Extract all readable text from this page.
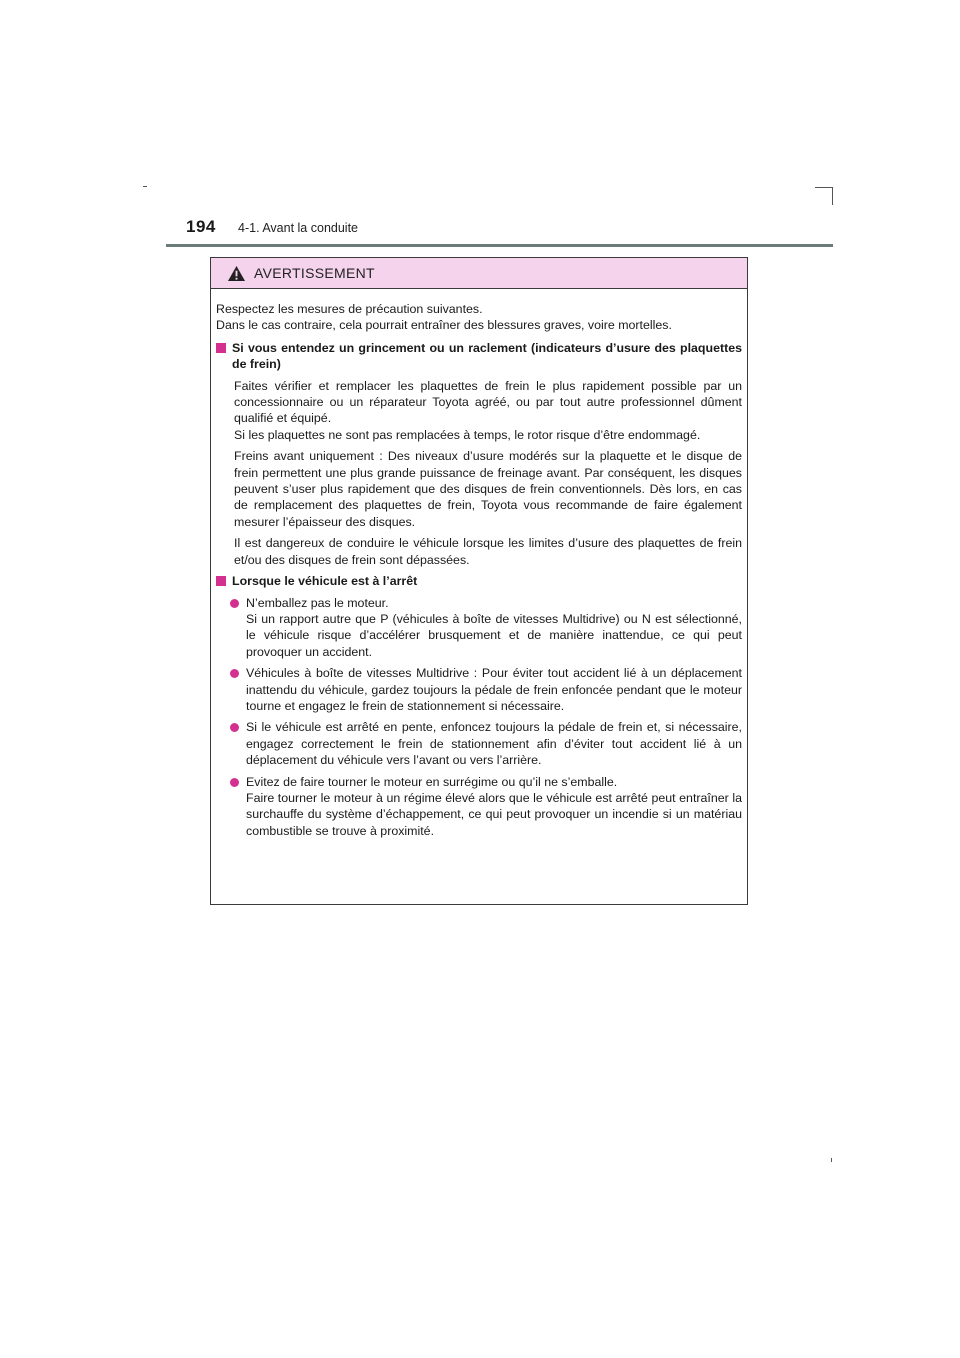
194 4-1. Avant la conduite
AVERTISSEMENT

Respectez les mesures de précaution suivantes.
Dans le cas contraire, cela pourrait entraîner des blessures graves, voire mortelles.

Si vous entendez un grincement ou un raclement (indicateurs d’usure des plaquettes de frein)

Faites vérifier et remplacer les plaquettes de frein le plus rapidement possible par un concessionnaire ou un réparateur Toyota agréé, ou par tout autre professionnel dûment qualifié et équipé.
Si les plaquettes ne sont pas remplacées à temps, le rotor risque d’être endommagé.

Freins avant uniquement : Des niveaux d’usure modérés sur la plaquette et le disque de frein permettent une plus grande puissance de freinage avant. Par conséquent, les disques peuvent s’user plus rapidement que des disques de frein conventionnels. Dès lors, en cas de remplacement des plaquettes de frein, Toyota vous recommande de faire également mesurer l’épaisseur des disques.

Il est dangereux de conduire le véhicule lorsque les limites d’usure des plaquettes de frein et/ou des disques de frein sont dépassées.

Lorsque le véhicule est à l’arrêt
N’emballez pas le moteur.
Si un rapport autre que P (véhicules à boîte de vitesses Multidrive) ou N est sélectionné, le véhicule risque d’accélérer brusquement et de manière inattendue, ce qui peut provoquer un accident.
Véhicules à boîte de vitesses Multidrive : Pour éviter tout accident lié à un déplacement inattendu du véhicule, gardez toujours la pédale de frein enfoncée pendant que le moteur tourne et engagez le frein de stationnement si nécessaire.
Si le véhicule est arrêté en pente, enfoncez toujours la pédale de frein et, si nécessaire, engagez correctement le frein de stationnement afin d’éviter tout accident lié à un déplacement du véhicule vers l’avant ou vers l’arrière.
Evitez de faire tourner le moteur en surrégime ou qu’il ne s’emballe.
Faire tourner le moteur à un régime élevé alors que le véhicule est arrêté peut entraîner la surchauffe du système d’échappement, ce qui peut provoquer un incendie si un matériau combustible se trouve à proximité.
